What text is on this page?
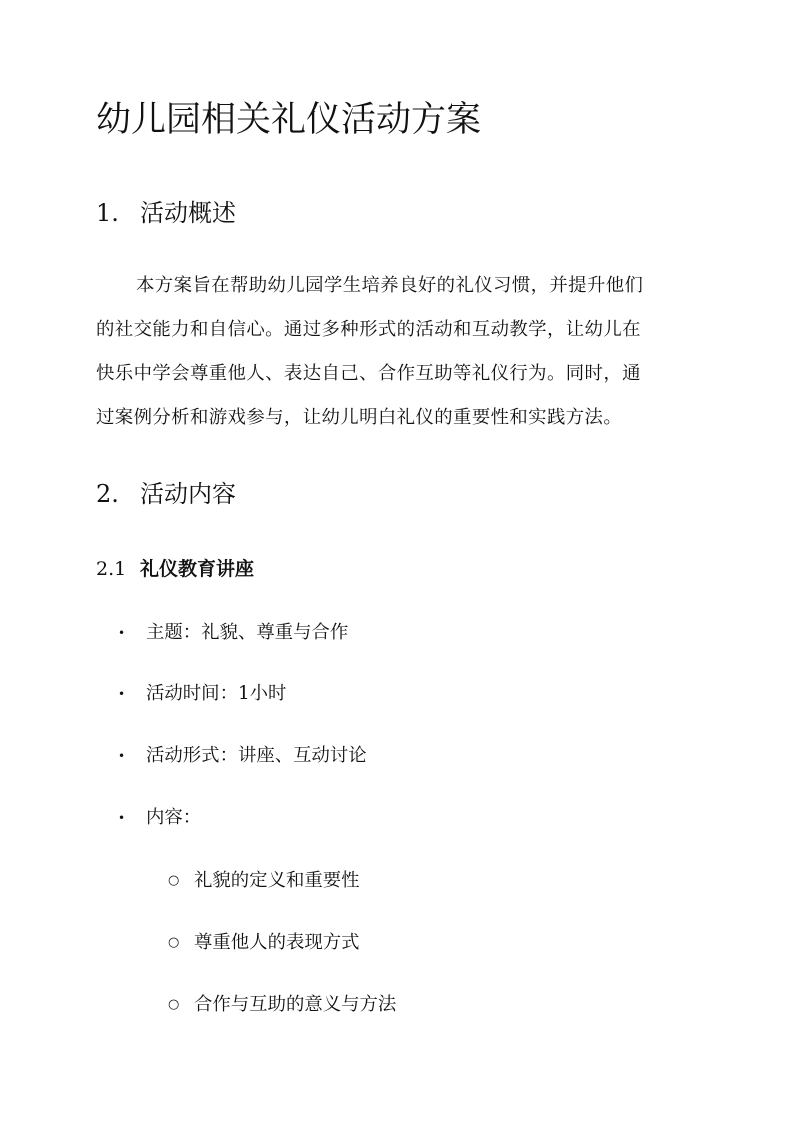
幼儿园相关礼仪活动方案
1. 活动概述

本方案旨在帮助幼儿园学生培养良好的礼仪习惯，并提升他们
的社交能力和自信心。通过多种形式的活动和互动教学，让幼儿在
快乐中学会尊重他人、表达自己、合作互助等礼仪行为。同时，通
过案例分析和游戏参与，让幼儿明白礼仪的重要性和实践方法。

2. 活动内容
2.1 礼仪教育讲座
• 主题：礼貌、尊重与合作
• 活动时间：1小时
• 活动形式：讲座、互动讨论
• 内容：
○ 礼貌的定义和重要性
○ 尊重他人的表现方式
○ 合作与互助的意义与方法
